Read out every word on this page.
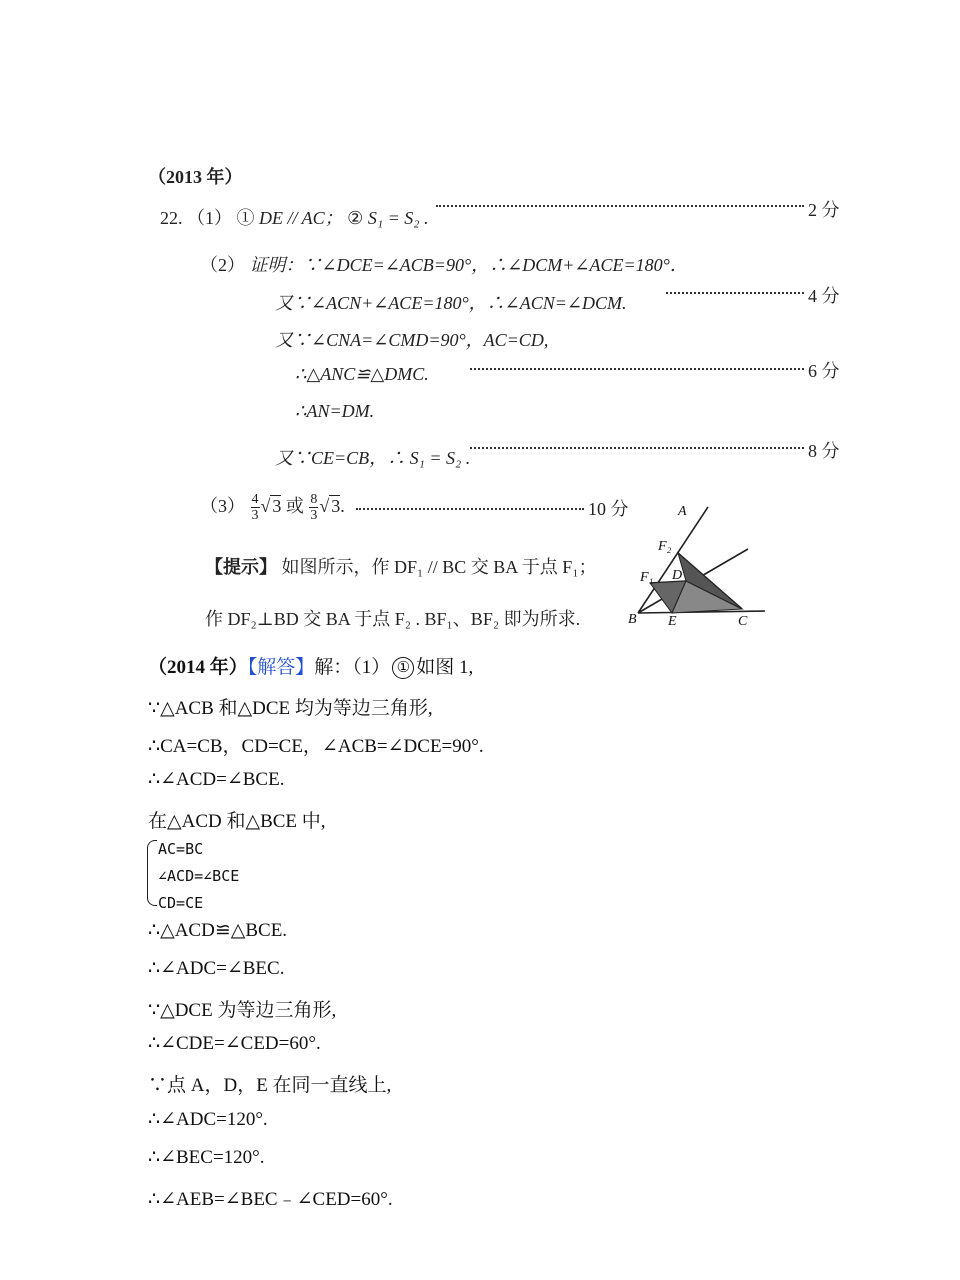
（2013 年）
22. （1） ① DE // AC； ② S₁ = S₂ .	2 分
（2） 证明：∵∠DCE=∠ACB=90°，∴∠DCM+∠ACE=180°．
又∵∠ACN+∠ACE=180°，∴∠ACN=∠DCM.	4 分
又∵∠CNA=∠CMD=90°，AC=CD,
∴△ANC≌△DMC.	6 分
∴AN=DM.
又∵CE=CB，∴ S₁ = S₂ .	8 分
$(3) \frac{4}{3}$ √ 3 或 $\frac{8}{3}$ √ 3.	10 分
【提示】 如图所示，作 DF₁ // BC 交 BA 于点 F₁；
作 DF₂⊥BD 交 BA 于点 F₂ . BF₁、BF₂ 即为所求.
A
F₂
F₁ D
B E	C
（2014 年）【解答】解：（1） ① 如图 1,
∵△ACB 和△DCE 均为等边三角形,
∴CA=CB，CD=CE，∠ACB=∠DCE=90°.
∴∠ACD=∠BCE.
在△ACD 和△BCE 中,
AC=BC
∠ACD=∠BCE
CD=CE
∴△ACD≌△BCE.
∴∠ADC=∠BEC.
∵△DCE 为等边三角形,
∴∠CDE=∠CED=60°.
∵点 A，D，E 在同一直线上,
∴∠ADC=120°.
∴∠BEC=120°.
∴∠AEB=∠BEC﹣∠CED=60°.
